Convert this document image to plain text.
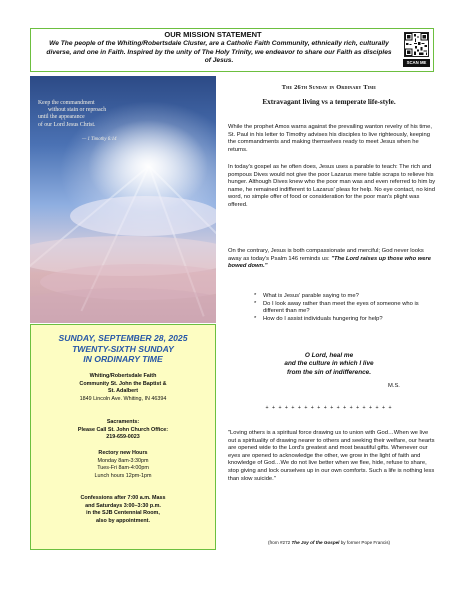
OUR MISSION STATEMENT
We The people of the Whiting/Robertsdale Cluster, are a Catholic Faith Community, ethnically rich, culturally diverse, and one in Faith. Inspired by the unity of The Holy Trinity, we endeavor to share our Faith as disciples of Jesus.	SCAN ME
Keep the commandment
without stain or reproach
until the appearance
of our Lord Jesus Christ.
— 1 Timothy 6:14
SUNDAY, SEPTEMBER 28, 2025
TWENTY-SIXTH SUNDAY
IN ORDINARY TIME
Whiting/Robertsdale Faith
Community St. John the Baptist &
St. Adalbert
1849 Lincoln Ave. Whiting, IN 46394
Sacraments:
Please Call St. John Church Office:
219-659-0023
Rectory new Hours
Monday 8am-3:30pm
Tues-Fri 8am-4:00pm
Lunch hours 12pm-1pm
Confessions after 7:00 a.m. Mass
and Saturdays 3:00–3:30 p.m.
in the SJB Centennial Room,
also by appointment.
The 26th Sunday in Ordinary Time
Extravagant living vs a temperate life-style.
While the prophet Amos warns against the prevailing wanton revelry of his time, St. Paul in his letter to Timothy advises his disciples to live righteously, keeping the commandments and making themselves ready to meet Jesus when he returns.
In today's gospel as he often does, Jesus uses a parable to teach: The rich and pompous Dives would not give the poor Lazarus mere table scraps to relieve his hunger. Although Dives knew who the poor man was and even referred to him by name, he remained indifferent to Lazarus' pleas for help. No eye contact, no kind word, no simple offer of food or consideration for the poor man's plight was offered.
On the contrary, Jesus is both compassionate and merciful; God never looks away as today's Psalm 146 reminds us: "The Lord raises up those who were bowed down."
* What is Jesus' parable saying to me?
* Do I look away rather than meet the eyes of someone who is different than me?
* How do I assist individuals hungering for help?
O Lord, heal me
and the culture in which I live
from the sin of indifference.
M.S.
+ + + + + + + + + + + + + + + + + + + +
"Loving others is a spiritual force drawing us to union with God…When we live out a spirituality of drawing nearer to others and seeking their welfare, our hearts are opened wide to the Lord's greatest and most beautiful gifts. Whenever our eyes are opened to acknowledge the other, we grow in the light of faith and knowledge of God…We do not live better when we flee, hide, refuse to share, stop giving and lock ourselves up in our own comforts. Such a life is nothing less than slow suicide."
(from #272 The Joy of the Gospel by former Pope Francis)
